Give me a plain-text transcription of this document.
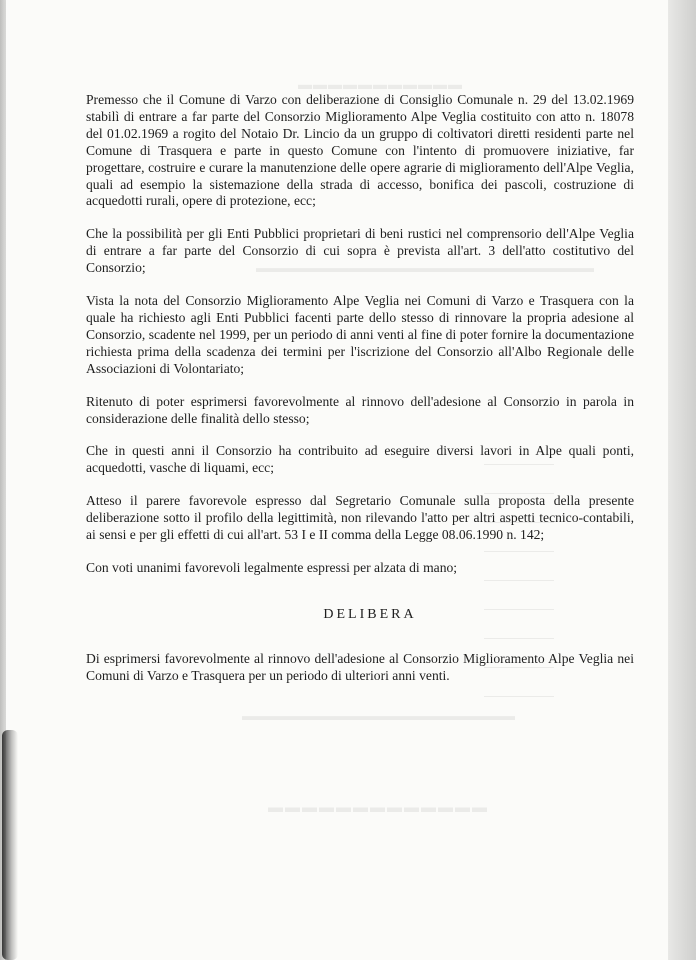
▬▬▬▬▬▬▬▬▬▬▬
▬▬▬▬▬▬▬▬▬▬▬▬▬▬▬▬▬▬▬▬▬▬▬▬▬▬
▬▬▬▬▬▬▬▬▬▬▬▬▬▬▬▬▬▬▬▬▬
▬▬▬▬▬▬▬▬▬▬▬▬▬

Premesso che il Comune di Varzo con deliberazione di Consiglio Comunale n. 29 del 13.02.1969 stabilì di entrare a far parte del Consorzio Miglioramento Alpe Veglia costituito con atto n. 18078 del 01.02.1969 a rogito del Notaio Dr. Lincio da un gruppo di coltivatori diretti residenti parte nel Comune di Trasquera e parte in questo Comune con l'intento di promuovere iniziative, far progettare, costruire e curare la manutenzione delle opere agrarie di miglioramento dell'Alpe Veglia, quali ad esempio la sistemazione della strada di accesso, bonifica dei pascoli, costruzione di acquedotti rurali, opere di protezione, ecc;

Che la possibilità per gli Enti Pubblici proprietari di beni rustici nel comprensorio dell'Alpe Veglia di entrare a far parte del Consorzio di cui sopra è prevista all'art. 3 dell'atto costitutivo del Consorzio;

Vista la nota del Consorzio Miglioramento Alpe Veglia nei Comuni di Varzo e Trasquera con la quale ha richiesto agli Enti Pubblici facenti parte dello stesso di rinnovare la propria adesione al Consorzio, scadente nel 1999, per un periodo di anni venti al fine di poter fornire la documentazione richiesta prima della scadenza dei termini per l'iscrizione del Consorzio all'Albo Regionale delle Associazioni di Volontariato;

Ritenuto di poter esprimersi favorevolmente al rinnovo dell'adesione al Consorzio in parola in considerazione delle finalità dello stesso;

Che in questi anni il Consorzio ha contribuito ad eseguire diversi lavori in Alpe quali ponti, acquedotti, vasche di liquami, ecc;

Atteso il parere favorevole espresso dal Segretario Comunale sulla proposta della presente deliberazione sotto il profilo della legittimità, non rilevando l'atto per altri aspetti tecnico-contabili, ai sensi e per gli effetti di cui all'art. 53 I e II comma della Legge 08.06.1990 n. 142;

Con voti unanimi favorevoli legalmente espressi per alzata di mano;

DELIBERA

Di esprimersi favorevolmente al rinnovo dell'adesione al Consorzio Miglioramento Alpe Veglia nei Comuni di Varzo e Trasquera per un periodo di ulteriori anni venti.
